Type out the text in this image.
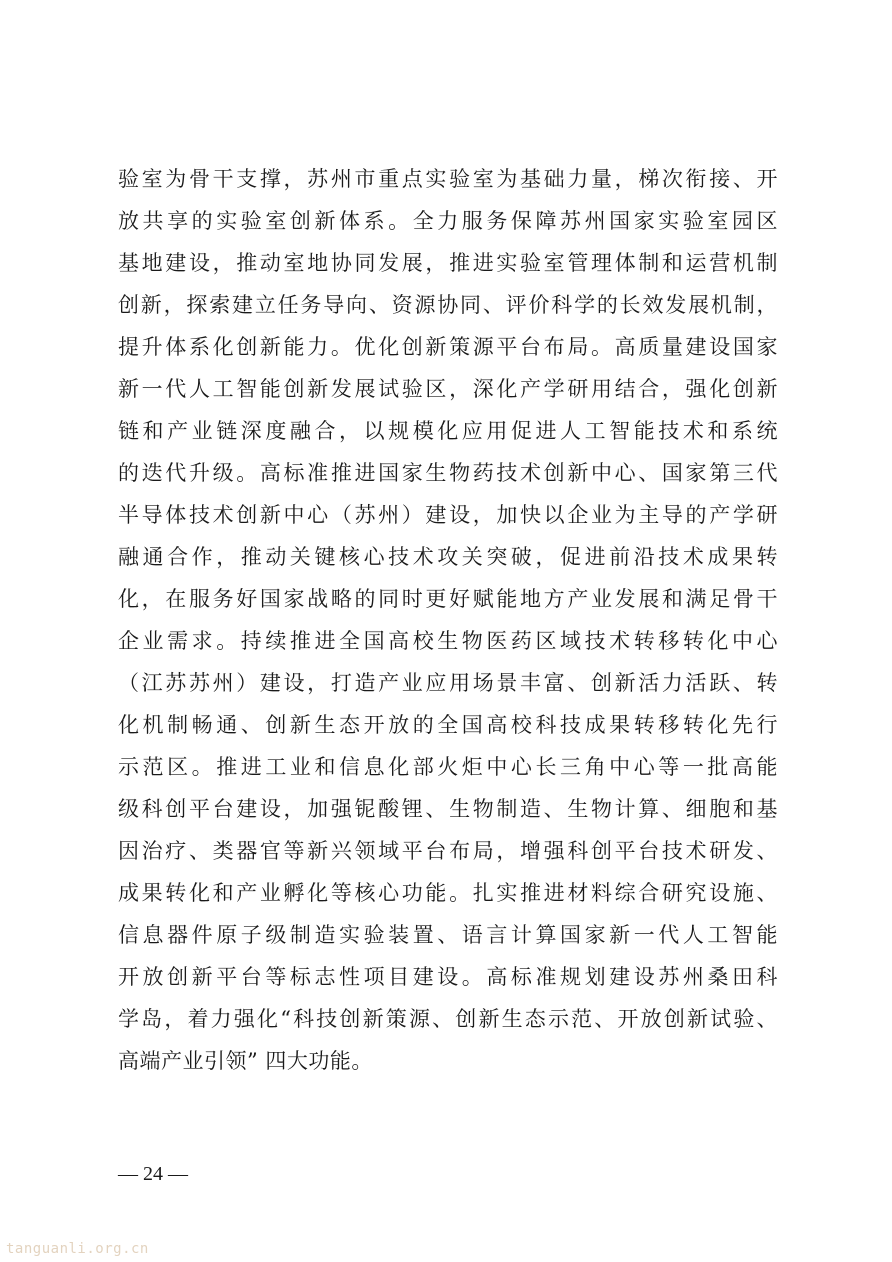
验室为骨干支撑，苏州市重点实验室为基础力量，梯次衔接、开
放共享的实验室创新体系。全力服务保障苏州国家实验室园区
基地建设，推动室地协同发展，推进实验室管理体制和运营机制
创新，探索建立任务导向、资源协同、评价科学的长效发展机制，
提升体系化创新能力。优化创新策源平台布局。高质量建设国家
新一代人工智能创新发展试验区，深化产学研用结合，强化创新
链和产业链深度融合，以规模化应用促进人工智能技术和系统
的迭代升级。高标准推进国家生物药技术创新中心、国家第三代
半导体技术创新中心（苏州）建设，加快以企业为主导的产学研
融通合作，推动关键核心技术攻关突破，促进前沿技术成果转
化，在服务好国家战略的同时更好赋能地方产业发展和满足骨干
企业需求。持续推进全国高校生物医药区域技术转移转化中心
（江苏苏州）建设，打造产业应用场景丰富、创新活力活跃、转
化机制畅通、创新生态开放的全国高校科技成果转移转化先行
示范区。推进工业和信息化部火炬中心长三角中心等一批高能
级科创平台建设，加强铌酸锂、生物制造、生物计算、细胞和基
因治疗、类器官等新兴领域平台布局，增强科创平台技术研发、
成果转化和产业孵化等核心功能。扎实推进材料综合研究设施、
信息器件原子级制造实验装置、语言计算国家新一代人工智能
开放创新平台等标志性项目建设。高标准规划建设苏州桑田科
学岛，着力强化“科技创新策源、创新生态示范、开放创新试验、
高端产业引领” 四大功能。
— 24 —
tanguanli.org.cn
